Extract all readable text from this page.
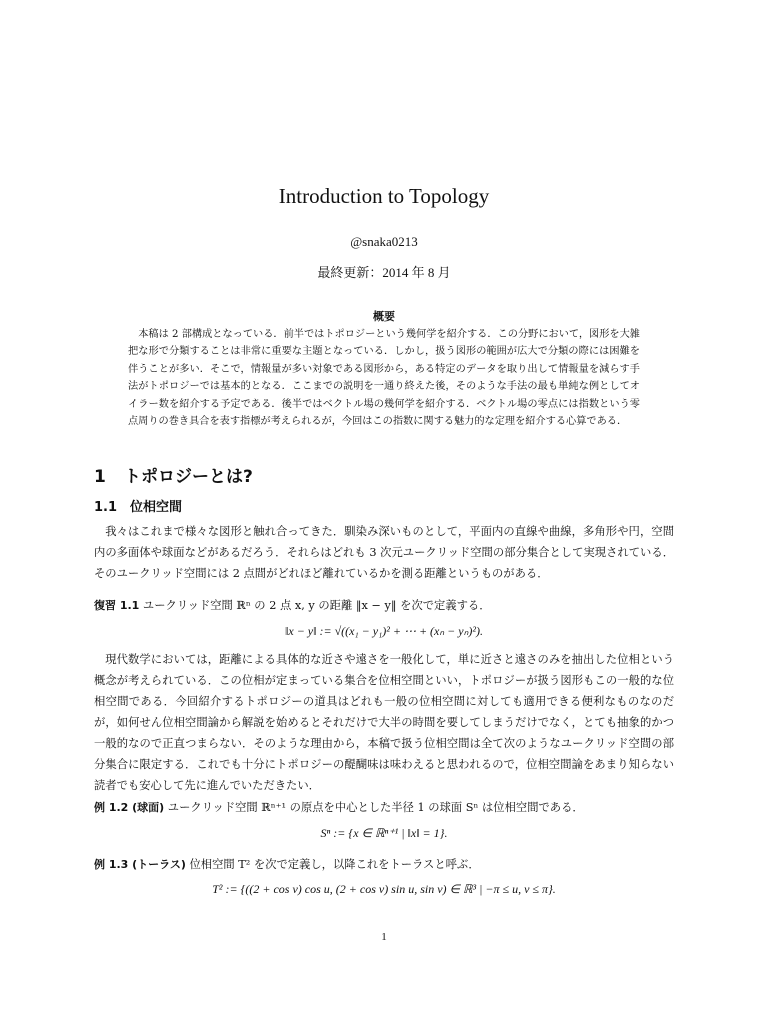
Introduction to Topology
@snaka0213
最終更新：2014 年 8 月
概要
本稿は 2 部構成となっている．前半ではトポロジーという幾何学を紹介する．この分野において，図形を大雑把な形で分類することは非常に重要な主題となっている．しかし，扱う図形の範囲が広大で分類の際には困難を伴うことが多い．そこで，情報量が多い対象である図形から，ある特定のデータを取り出して情報量を減らす手法がトポロジーでは基本的となる．ここまでの説明を一通り終えた後，そのような手法の最も単純な例としてオイラー数を紹介する予定である．後半ではベクトル場の幾何学を紹介する．ベクトル場の零点には指数という零点周りの巻き具合を表す指標が考えられるが，今回はこの指数に関する魅力的な定理を紹介する心算である．
1 トポロジーとは?
1.1 位相空間
我々はこれまで様々な図形と触れ合ってきた．馴染み深いものとして，平面内の直線や曲線，多角形や円，空間内の多面体や球面などがあるだろう．それらはどれも 3 次元ユークリッド空間の部分集合として実現されている．そのユークリッド空間には 2 点間がどれほど離れているかを測る距離というものがある．
復習 1.1 ユークリッド空間 ℝⁿ の 2 点 x, y の距離 ‖x − y‖ を次で定義する．
‖x − y‖ := √((x₁ − y₁)² + ⋯ + (xₙ − yₙ)²).
現代数学においては，距離による具体的な近さや遠さを一般化して，単に近さと遠さのみを抽出した位相という概念が考えられている．この位相が定まっている集合を位相空間といい，トポロジーが扱う図形もこの一般的な位相空間である．今回紹介するトポロジーの道具はどれも一般の位相空間に対しても適用できる便利なものなのだが，如何せん位相空間論から解説を始めるとそれだけで大半の時間を要してしまうだけでなく，とても抽象的かつ一般的なので正直つまらない．そのような理由から，本稿で扱う位相空間は全て次のようなユークリッド空間の部分集合に限定する．これでも十分にトポロジーの醍醐味は味わえると思われるので，位相空間論をあまり知らない読者でも安心して先に進んでいただきたい．
例 1.2 (球面) ユークリッド空間 ℝⁿ⁺¹ の原点を中心とした半径 1 の球面 Sⁿ は位相空間である．
Sⁿ := {x ∈ ℝⁿ⁺¹ | ‖x‖ = 1}.
例 1.3 (トーラス) 位相空間 T² を次で定義し，以降これをトーラスと呼ぶ．
T² := {((2 + cos v) cos u, (2 + cos v) sin u, sin v) ∈ ℝ³ | −π ≤ u, v ≤ π}.
1
